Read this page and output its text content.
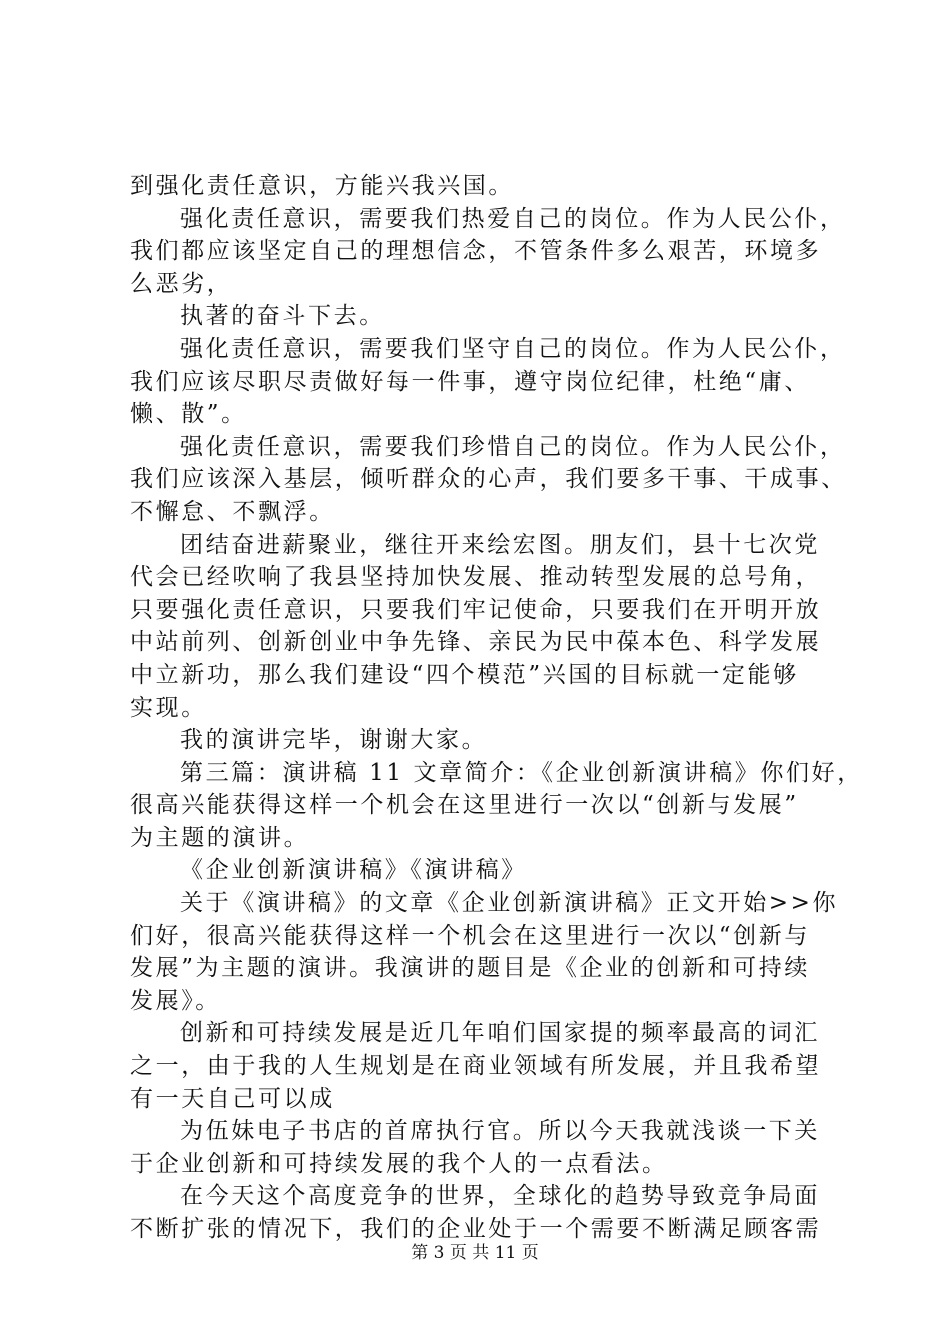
到强化责任意识，方能兴我兴国。
强化责任意识，需要我们热爱自己的岗位。作为人民公仆，
我们都应该坚定自己的理想信念，不管条件多么艰苦，环境多
么恶劣，
执著的奋斗下去。
强化责任意识，需要我们坚守自己的岗位。作为人民公仆，
我们应该尽职尽责做好每一件事，遵守岗位纪律，杜绝“庸、
懒、散”。
强化责任意识，需要我们珍惜自己的岗位。作为人民公仆，
我们应该深入基层，倾听群众的心声，我们要多干事、干成事、
不懈怠、不飘浮。
团结奋进薪聚业，继往开来绘宏图。朋友们，县十七次党
代会已经吹响了我县坚持加快发展、推动转型发展的总号角，
只要强化责任意识，只要我们牢记使命，只要我们在开明开放
中站前列、创新创业中争先锋、亲民为民中葆本色、科学发展
中立新功，那么我们建设“四个模范”兴国的目标就一定能够
实现。
我的演讲完毕，谢谢大家。
第三篇：演讲稿 11 文章简介：《企业创新演讲稿》你们好，
很高兴能获得这样一个机会在这里进行一次以“创新与发展”
为主题的演讲。
《企业创新演讲稿》《演讲稿》
关于《演讲稿》的文章《企业创新演讲稿》正文开始>>你
们好，很高兴能获得这样一个机会在这里进行一次以“创新与
发展”为主题的演讲。我演讲的题目是《企业的创新和可持续
发展》。
创新和可持续发展是近几年咱们国家提的频率最高的词汇
之一，由于我的人生规划是在商业领域有所发展，并且我希望
有一天自己可以成
为伍妹电子书店的首席执行官。所以今天我就浅谈一下关
于企业创新和可持续发展的我个人的一点看法。
在今天这个高度竞争的世界，全球化的趋势导致竞争局面
不断扩张的情况下，我们的企业处于一个需要不断满足顾客需
第 3 页 共 11 页
